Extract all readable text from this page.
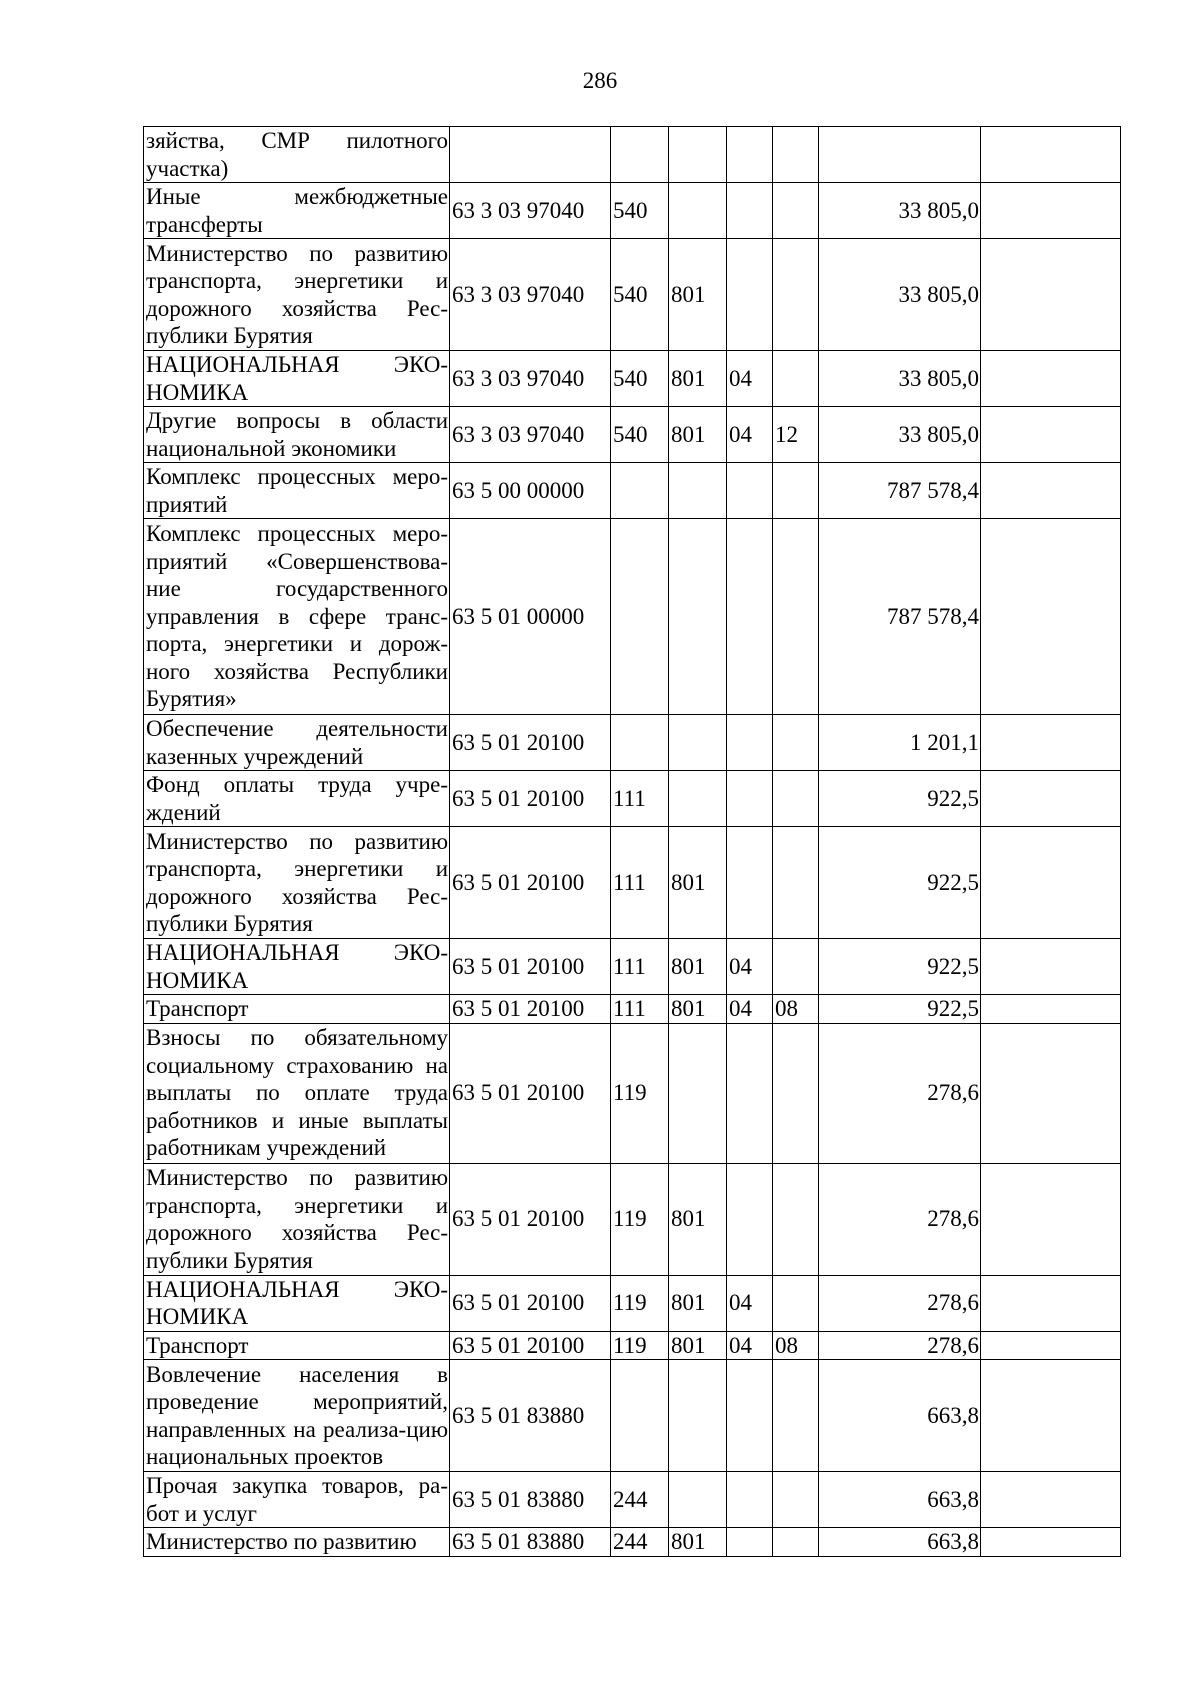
286
зяйства, СМР пилотного участка)							
Иные межбюджетные трансферты	63 3 03 97040	540				33 805,0	
Министерство по развитию транспорта, энергетики и дорожного хозяйства Рес-публики Бурятия	63 3 03 97040	540	801			33 805,0	
НАЦИОНАЛЬНАЯ ЭКО-НОМИКА	63 3 03 97040	540	801	04		33 805,0	
Другие вопросы в области национальной экономики	63 3 03 97040	540	801	04	12	33 805,0	
Комплекс процессных меро-приятий	63 5 00 00000					787 578,4	
Комплекс процессных меро-приятий «Совершенствова-ние государственного управления в сфере транс-порта, энергетики и дорож-ного хозяйства Республики Бурятия»	63 5 01 00000					787 578,4	
Обеспечение деятельности казенных учреждений	63 5 01 20100					1 201,1	
Фонд оплаты труда учре-ждений	63 5 01 20100	111				922,5	
Министерство по развитию транспорта, энергетики и дорожного хозяйства Рес-публики Бурятия	63 5 01 20100	111	801			922,5	
НАЦИОНАЛЬНАЯ ЭКО-НОМИКА	63 5 01 20100	111	801	04		922,5	
Транспорт	63 5 01 20100	111	801	04	08	922,5	
Взносы по обязательному социальному страхованию на выплаты по оплате труда работников и иные выплаты работникам учреждений	63 5 01 20100	119				278,6	
Министерство по развитию транспорта, энергетики и дорожного хозяйства Рес-публики Бурятия	63 5 01 20100	119	801			278,6	
НАЦИОНАЛЬНАЯ ЭКО-НОМИКА	63 5 01 20100	119	801	04		278,6	
Транспорт	63 5 01 20100	119	801	04	08	278,6	
Вовлечение населения в проведение мероприятий, направленных на реализа-цию национальных проектов	63 5 01 83880					663,8	
Прочая закупка товаров, ра-бот и услуг	63 5 01 83880	244				663,8	
Министерство по развитию	63 5 01 83880	244	801			663,8	
